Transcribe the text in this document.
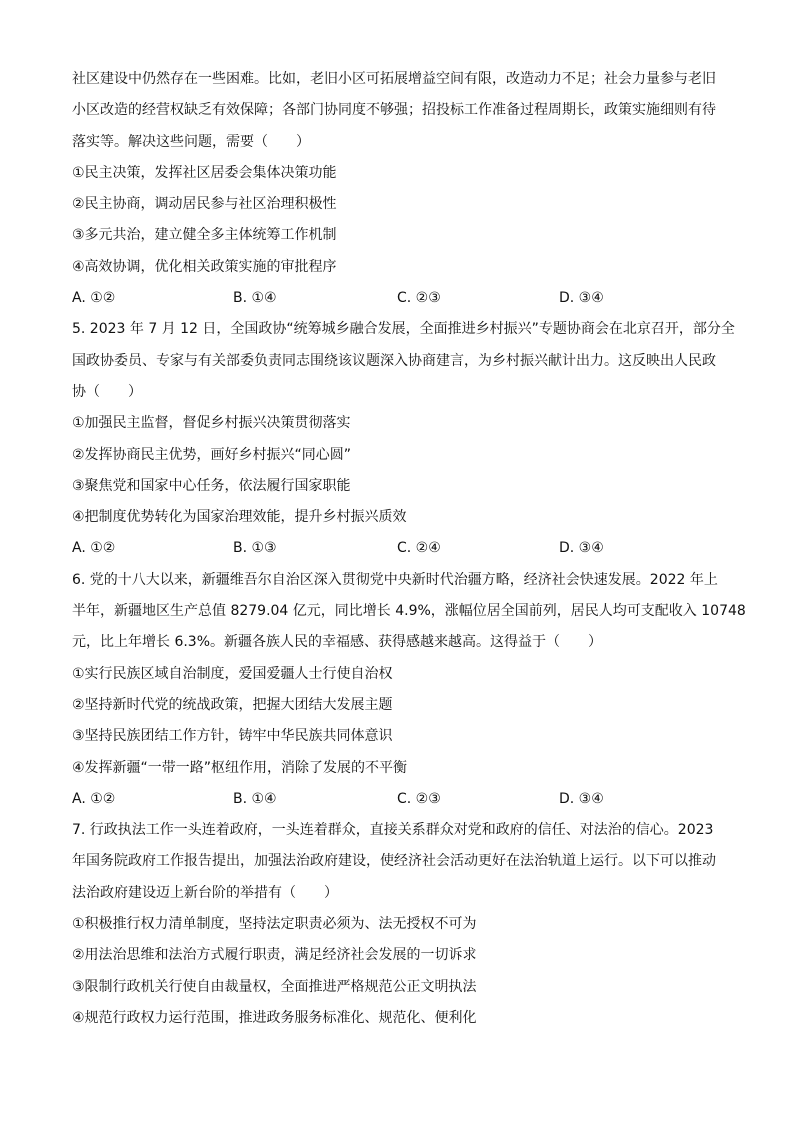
社区建设中仍然存在一些困难。比如，老旧小区可拓展增益空间有限，改造动力不足；社会力量参与老旧
小区改造的经营权缺乏有效保障；各部门协同度不够强；招投标工作准备过程周期长，政策实施细则有待
落实等。解决这些问题，需要（　　）
①民主决策，发挥社区居委会集体决策功能
②民主协商，调动居民参与社区治理积极性
③多元共治，建立健全多主体统筹工作机制
④高效协调，优化相关政策实施的审批程序
A. ①②	B. ①④	C. ②③	D. ③④
5. 2023 年 7 月 12 日，全国政协“统筹城乡融合发展，全面推进乡村振兴”专题协商会在北京召开，部分全
国政协委员、专家与有关部委负责同志围绕该议题深入协商建言，为乡村振兴献计出力。这反映出人民政
协（　　）
①加强民主监督，督促乡村振兴决策贯彻落实
②发挥协商民主优势，画好乡村振兴“同心圆”
③聚焦党和国家中心任务，依法履行国家职能
④把制度优势转化为国家治理效能，提升乡村振兴质效
A. ①②	B. ①③	C. ②④	D. ③④
6. 党的十八大以来，新疆维吾尔自治区深入贯彻党中央新时代治疆方略，经济社会快速发展。2022 年上
半年，新疆地区生产总值 8279.04 亿元，同比增长 4.9%，涨幅位居全国前列，居民人均可支配收入 10748
元，比上年增长 6.3%。新疆各族人民的幸福感、获得感越来越高。这得益于（　　）
①实行民族区域自治制度，爱国爱疆人士行使自治权
②坚持新时代党的统战政策，把握大团结大发展主题
③坚持民族团结工作方针，铸牢中华民族共同体意识
④发挥新疆“一带一路”枢纽作用，消除了发展的不平衡
A. ①②	B. ①④	C. ②③	D. ③④
7. 行政执法工作一头连着政府，一头连着群众，直接关系群众对党和政府的信任、对法治的信心。2023
年国务院政府工作报告提出，加强法治政府建设，使经济社会活动更好在法治轨道上运行。以下可以推动
法治政府建设迈上新台阶的举措有（　　）
①积极推行权力清单制度，坚持法定职责必须为、法无授权不可为
②用法治思维和法治方式履行职责，满足经济社会发展的一切诉求
③限制行政机关行使自由裁量权，全面推进严格规范公正文明执法
④规范行政权力运行范围，推进政务服务标准化、规范化、便利化
